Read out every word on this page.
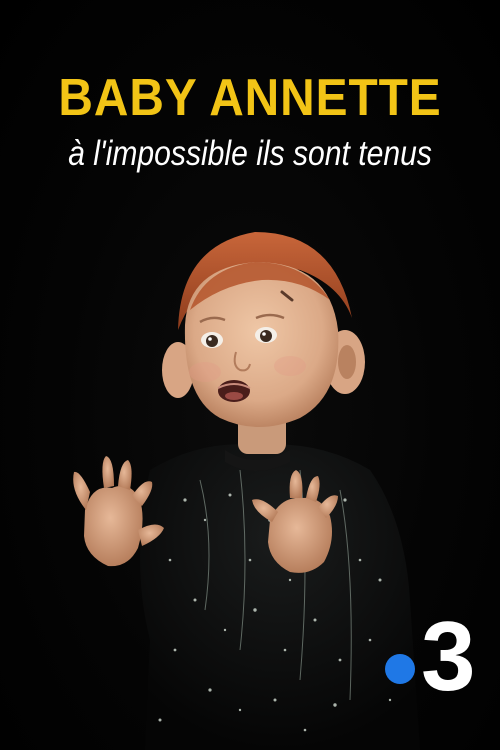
BABY ANNETTE
à l'impossible ils sont tenus
3
